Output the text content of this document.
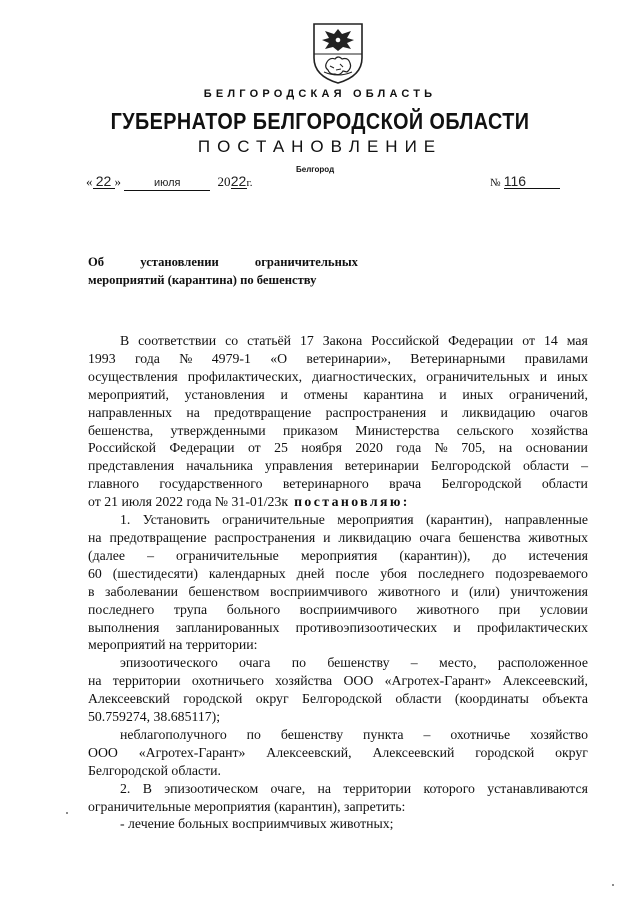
БЕЛГОРОДСКАЯ ОБЛАСТЬ
ГУБЕРНАТОР БЕЛГОРОДСКОЙ ОБЛАСТИ
ПОСТАНОВЛЕНИЕ
Белгород
« 22 »	июля	2022г.	№ 116
Об	установлении	ограничительных
мероприятий (карантина) по бешенству
В соответствии со статьёй 17 Закона Российской Федерации от 14 мая
1993 года № 4979-1 «О ветеринарии», Ветеринарными правилами
осуществления профилактических, диагностических, ограничительных и иных
мероприятий, установления и отмены карантина и иных ограничений,
направленных на предотвращение распространения и ликвидацию очагов
бешенства, утвержденными приказом Министерства сельского хозяйства
Российской Федерации от 25 ноября 2020 года № 705, на основании
представления начальника управления ветеринарии Белгородской области –
главного государственного ветеринарного врача Белгородской области
от 21 июля 2022 года № 31-01/23к постановляю:
1. Установить ограничительные мероприятия (карантин), направленные
на предотвращение распространения и ликвидацию очага бешенства животных
(далее – ограничительные мероприятия (карантин)), до истечения
60 (шестидесяти) календарных дней после убоя последнего подозреваемого
в заболевании бешенством восприимчивого животного и (или) уничтожения
последнего трупа больного восприимчивого животного при условии
выполнения запланированных противоэпизоотических и профилактических
мероприятий на территории:
эпизоотического очага по бешенству – место, расположенное
на территории охотничьего хозяйства ООО «Агротех-Гарант» Алексеевский,
Алексеевский городской округ Белгородской области (координаты объекта
50.759274, 38.685117);
неблагополучного по бешенству пункта – охотничье хозяйство
ООО «Агротех-Гарант» Алексеевский, Алексеевский городской округ
Белгородской области.
2. В эпизоотическом очаге, на территории которого устанавливаются
ограничительные мероприятия (карантин), запретить:
- лечение больных восприимчивых животных;
